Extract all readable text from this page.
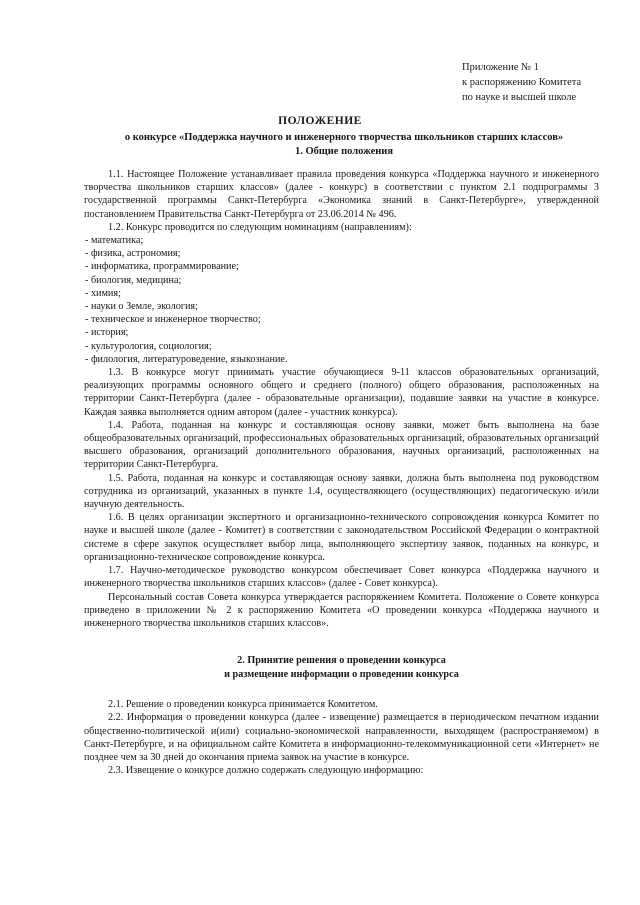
Приложение № 1
к распоряжению Комитета
по науке и высшей школе
ПОЛОЖЕНИЕ
о конкурсе «Поддержка научного и инженерного творчества школьников старших классов»
1. Общие положения

1.1. Настоящее Положение устанавливает правила проведения конкурса «Поддержка научного и инженерного творчества школьников старших классов» (далее - конкурс) в соответствии с пунктом 2.1 подпрограммы 3 государственной программы Санкт-Петербурга «Экономика знаний в Санкт-Петербурге», утвержденной постановлением Правительства Санкт-Петербурга от 23.06.2014 № 496.

1.2. Конкурс проводится по следующим номинациям (направлениям):

- математика;

- физика, астрономия;

- информатика, программирование;

- биология, медицина;

- химия;

- науки о Земле, экология;

- техническое и инженерное творчество;

- история;

- культурология, социология;

- филология, литературоведение, языкознание.

1.3. В конкурсе могут принимать участие обучающиеся 9-11 классов образовательных организаций, реализующих программы основного общего и среднего (полного) общего образования, расположенных на территории Санкт-Петербурга (далее - образовательные организации), подавшие заявки на участие в конкурсе. Каждая заявка выполняется одним автором (далее - участник конкурса).

1.4. Работа, поданная на конкурс и составляющая основу заявки, может быть выполнена на базе общеобразовательных организаций, профессиональных образовательных организаций, образовательных организаций высшего образования, организаций дополнительного образования, научных организаций, расположенных на территории Санкт-Петербурга.

1.5. Работа, поданная на конкурс и составляющая основу заявки, должна быть выполнена под руководством сотрудника из организаций, указанных в пункте 1.4, осуществляющего (осуществляющих) педагогическую и/или научную деятельность.

1.6. В целях организации экспертного и организационно-технического сопровождения конкурса Комитет по науке и высшей школе (далее - Комитет) в соответствии с законодательством Российской Федерации о контрактной системе в сфере закупок осуществляет выбор лица, выполняющего экспертизу заявок, поданных на конкурс, и организационно-техническое сопровождение конкурса.

1.7. Научно-методическое руководство конкурсом обеспечивает Совет конкурса «Поддержка научного и инженерного творчества школьников старших классов» (далее - Совет конкурса).

Персональный состав Совета конкурса утверждается распоряжением Комитета. Положение о Совете конкурса приведено в приложении № 2 к распоряжению Комитета «О проведении конкурса «Поддержка научного и инженерного творчества школьников старших классов».

2. Принятие решения о проведении конкурса
и размещение информации о проведении конкурса

2.1. Решение о проведении конкурса принимается Комитетом.

2.2. Информация о проведении конкурса (далее - извещение) размещается в периодическом печатном издании общественно-политической и(или) социально-экономической направленности, выходящем (распространяемом) в Санкт-Петербурге, и на официальном сайте Комитета в информационно-телекоммуникационной сети «Интернет» не позднее чем за 30 дней до окончания приема заявок на участие в конкурсе.

2.3. Извещение о конкурсе должно содержать следующую информацию:
